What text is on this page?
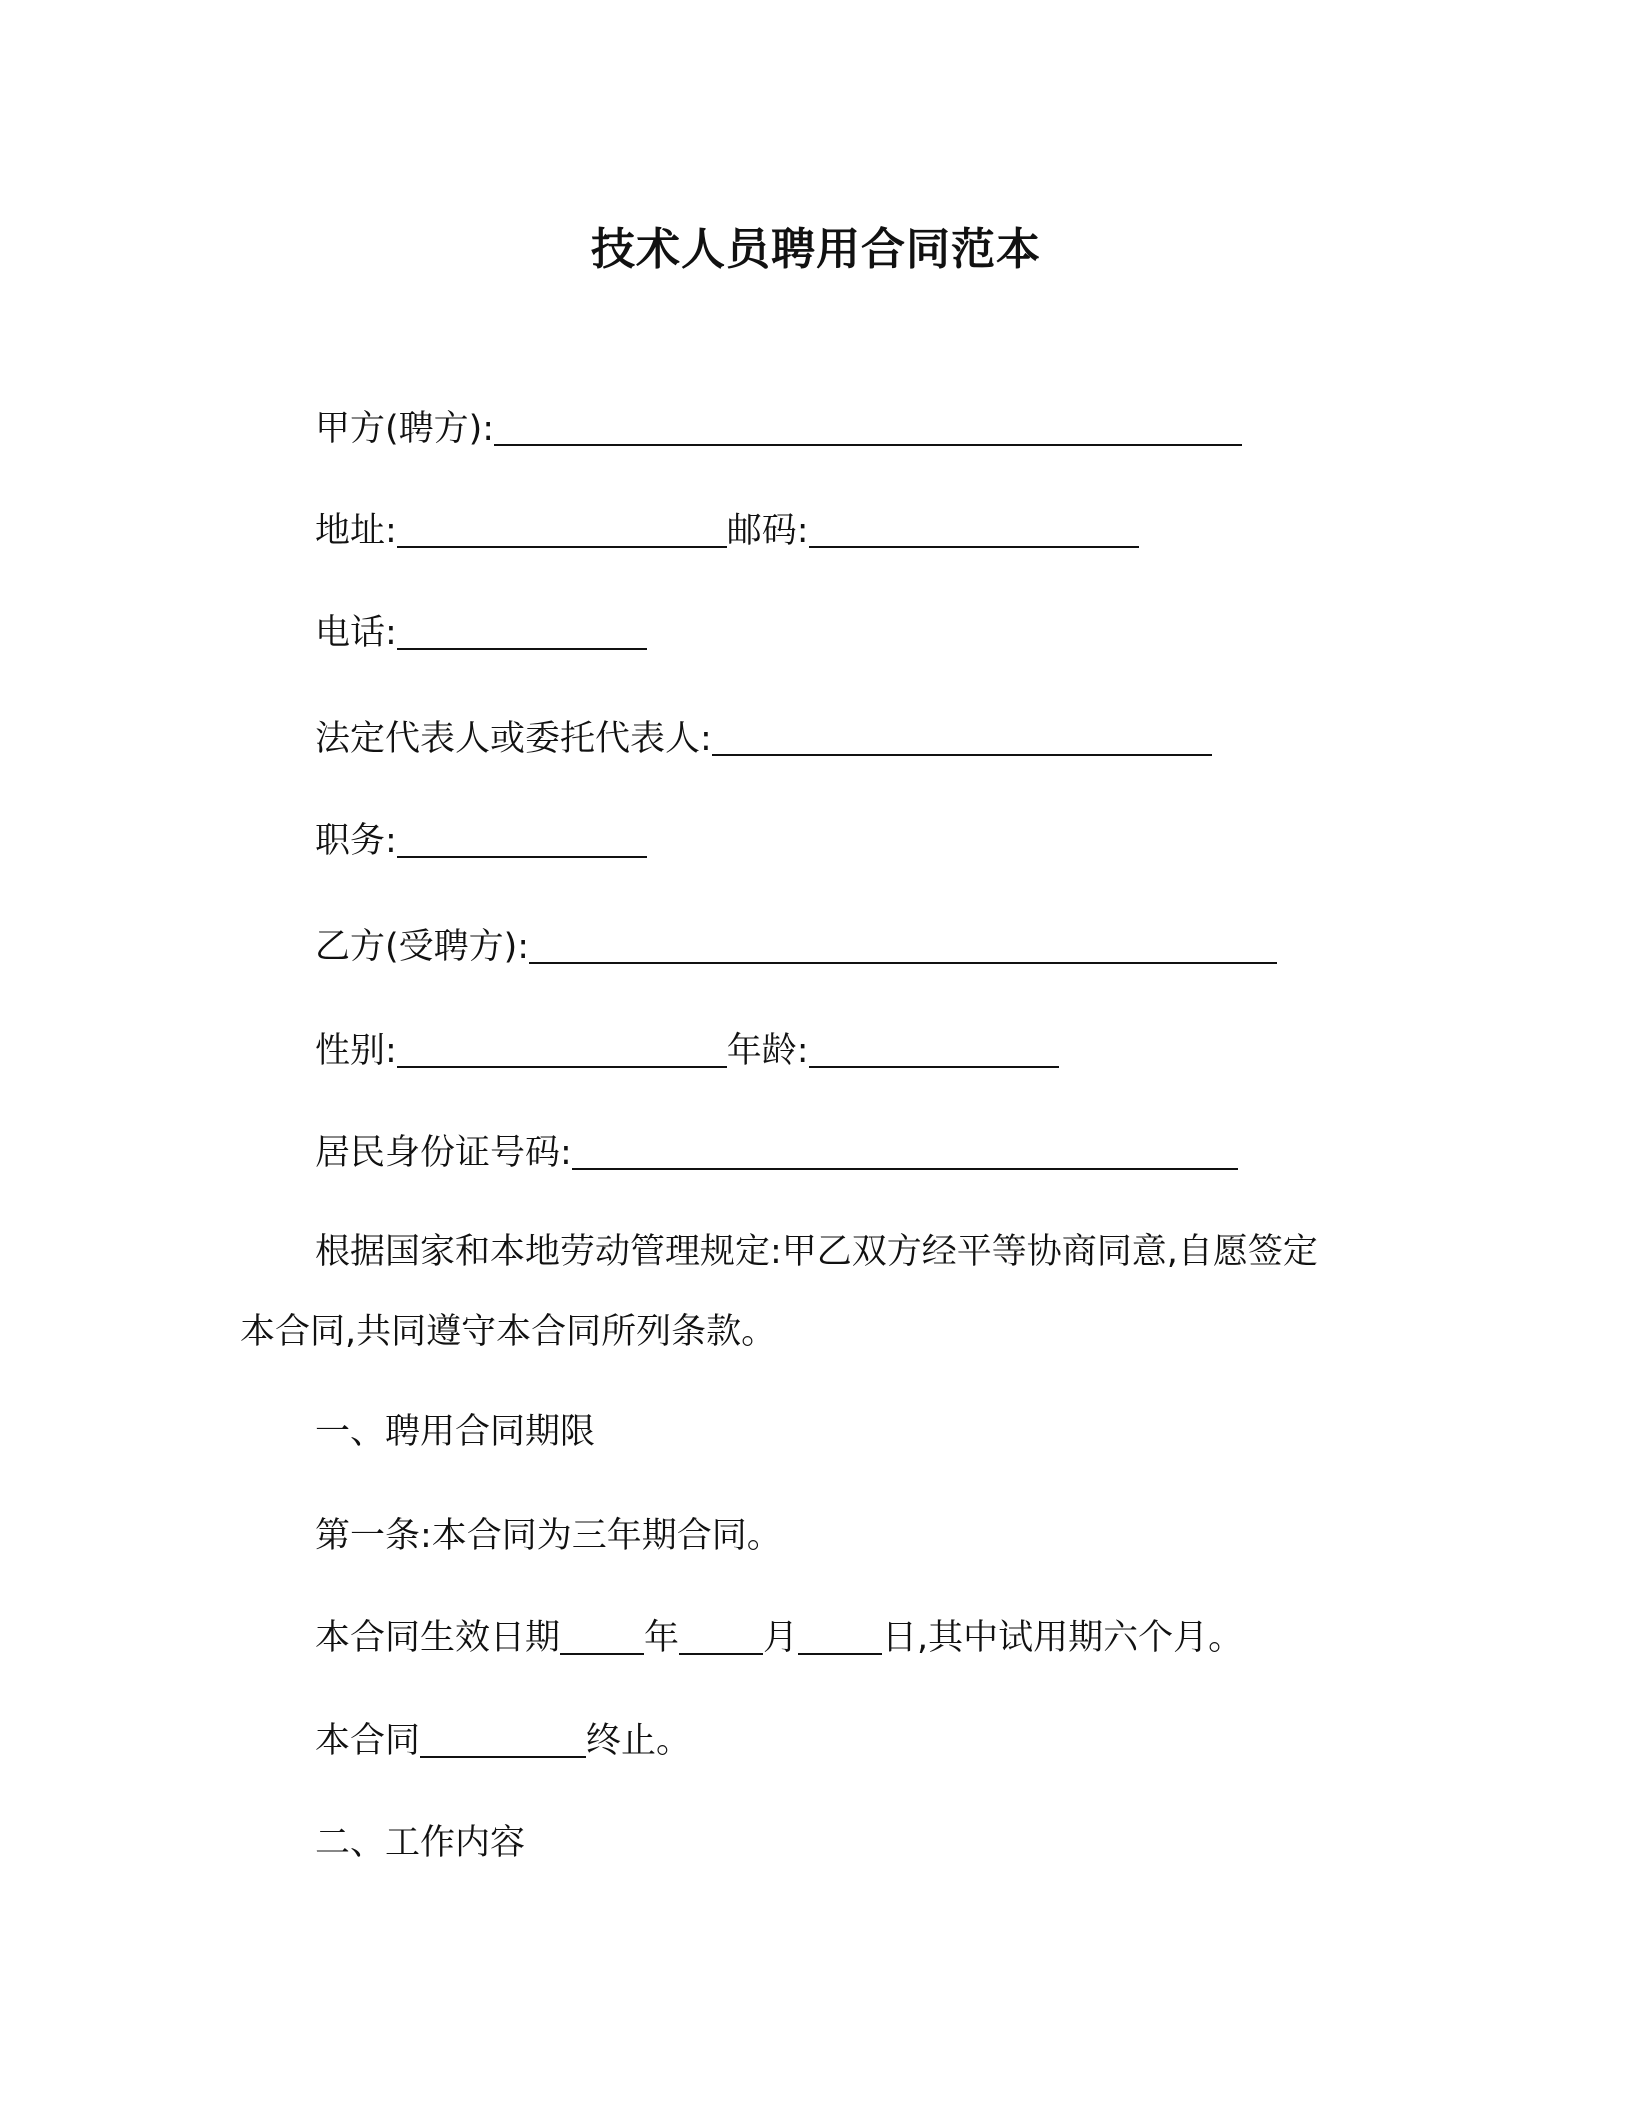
技术人员聘用合同范本
甲方(聘方):
地址:	邮码:
电话:
法定代表人或委托代表人:
职务:
乙方(受聘方):
性别:	年龄:
居民身份证号码:
根据国家和本地劳动管理规定:甲乙双方经平等协商同意,自愿签定
本合同,共同遵守本合同所列条款。
一、聘用合同期限
第一条:本合同为三年期合同。
本合同生效日期 年 月 日,其中试用期六个月。
本合同	终止。
二、工作内容
